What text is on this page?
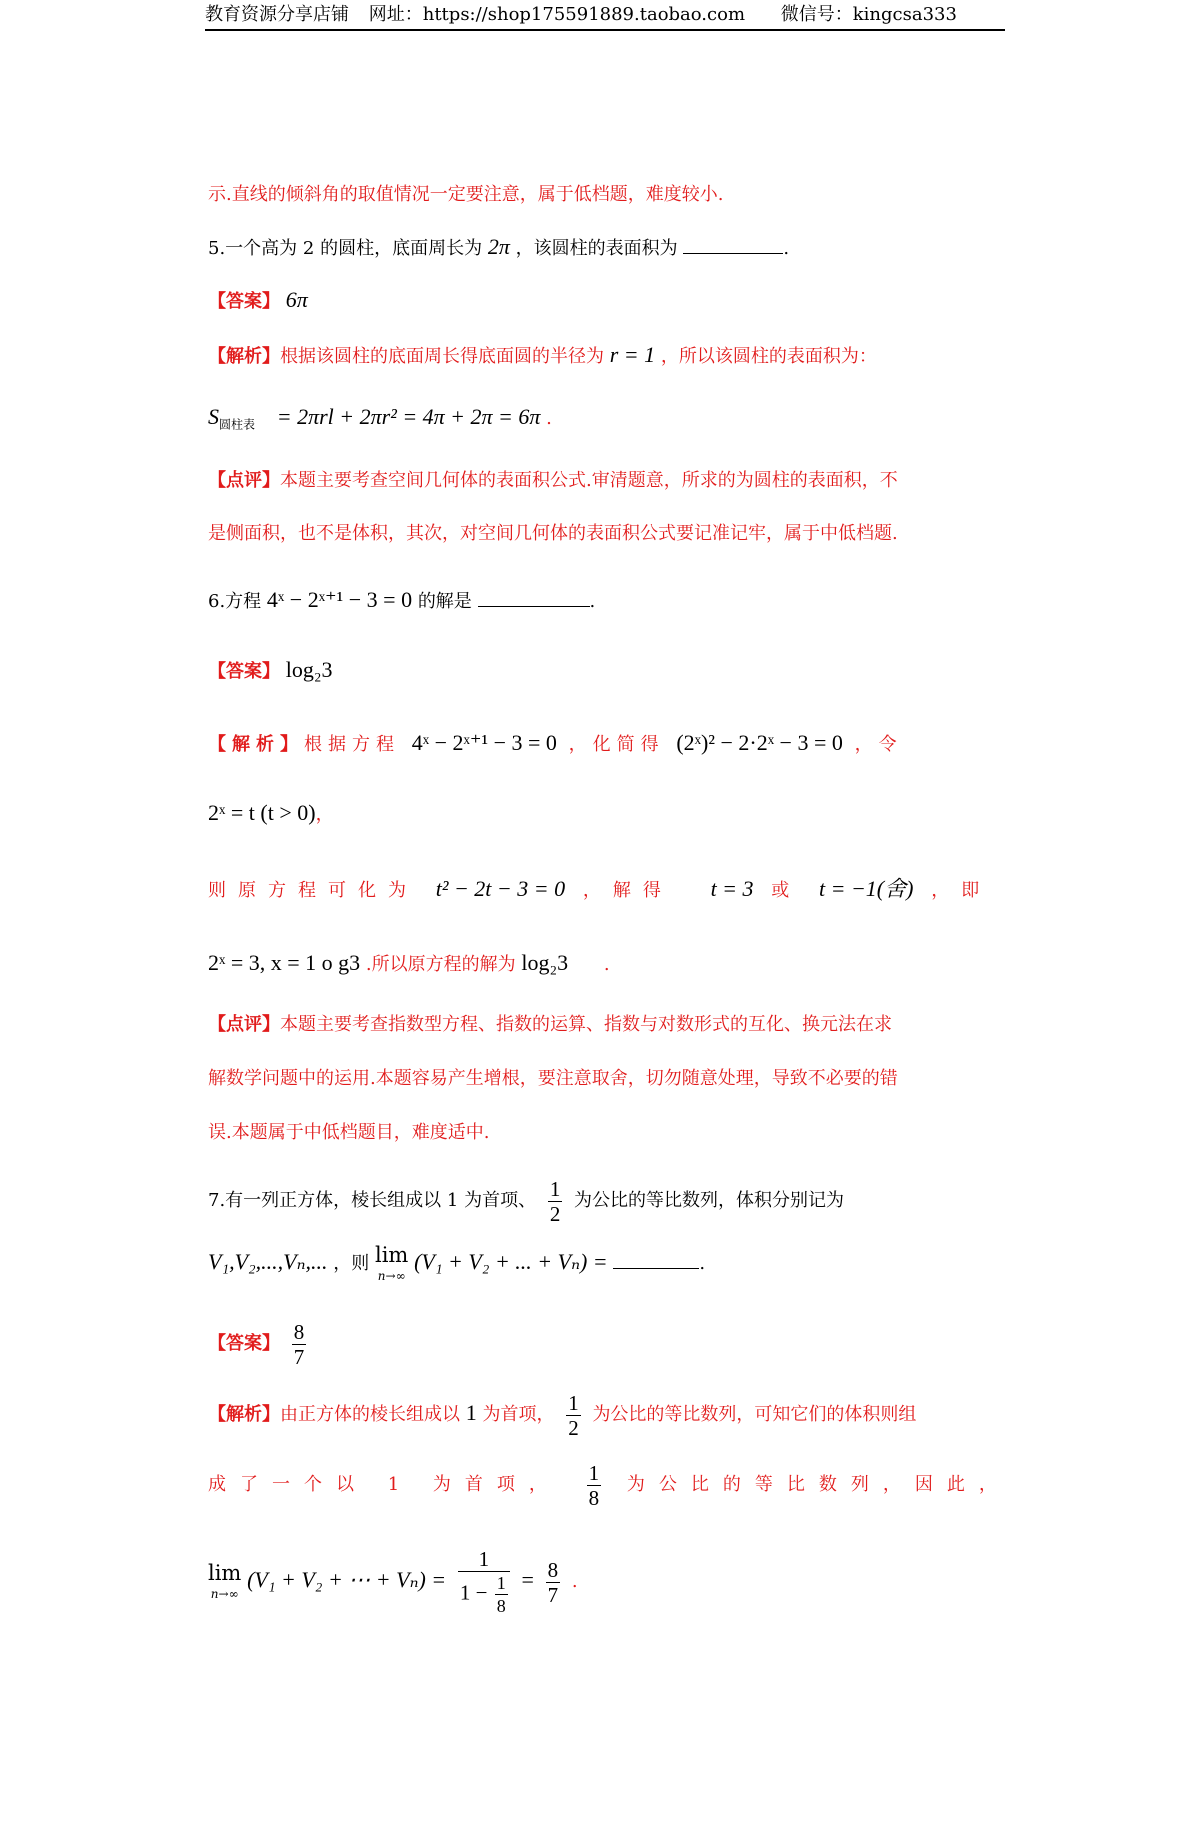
教育资源分享店铺 网址：https://shop175591889.taobao.com 微信号：kingcsa333
示.直线的倾斜角的取值情况一定要注意，属于低档题，难度较小.
5.一个高为 2 的圆柱，底面周长为 2π ，该圆柱的表面积为	.
【答案】 6π
【解析】根据该圆柱的底面周长得底面圆的半径为 r = 1 ，所以该圆柱的表面积为：
$S_{圆柱表} = 2\pi rl + 2\pi r^2 = 4\pi + 2\pi = 6\pi$ .
【点评】本题主要考查空间几何体的表面积公式.审清题意，所求的为圆柱的表面积，不
是侧面积，也不是体积，其次，对空间几何体的表面积公式要记准记牢，属于中低档题.
6.方程 4ˣ − 2ˣ⁺¹ − 3 = 0 的解是	.
【答案】 log₂3
【解析】根据方程 4ˣ − 2ˣ⁺¹ − 3 = 0 ，化简得 (2ˣ)² − 2·2ˣ − 3 = 0 ，令
2ˣ = t (t > 0)，
则原方程可化为 t² − 2t − 3 = 0 ，解得 t = 3 或 t = −1(舍) ，即
2ˣ = 3, x = 1 o g3 .所以原方程的解为 log₂3 .
【点评】本题主要考查指数型方程、指数的运算、指数与对数形式的互化、换元法在求
解数学问题中的运用.本题容易产生增根，要注意取舍，切勿随意处理，导致不必要的错
误.本题属于中低档题目，难度适中.
7.有一列正方体，棱长组成以 1 为首项、 $\frac{1}{2}$ 为公比的等比数列，体积分别记为
V₁,V₂,...,Vₙ,... ，则 lim
n→∞
(V₁ + V₂ + ... + Vₙ) =	.
【答案】 $\frac{8}{7}$
【解析】由正方体的棱长组成以 1 为首项， $\frac{1}{2}$ 为公比的等比数列，可知它们的体积则组
成了一个以 1 为首项， $\frac{1}{8}$ 为公比的等比数列，因此，
lim
n→∞
(V₁ + V₂ + ⋯ + $V_n) = \frac{1}{1 - \frac{1}{8}} = \frac{8}{7}$ .
